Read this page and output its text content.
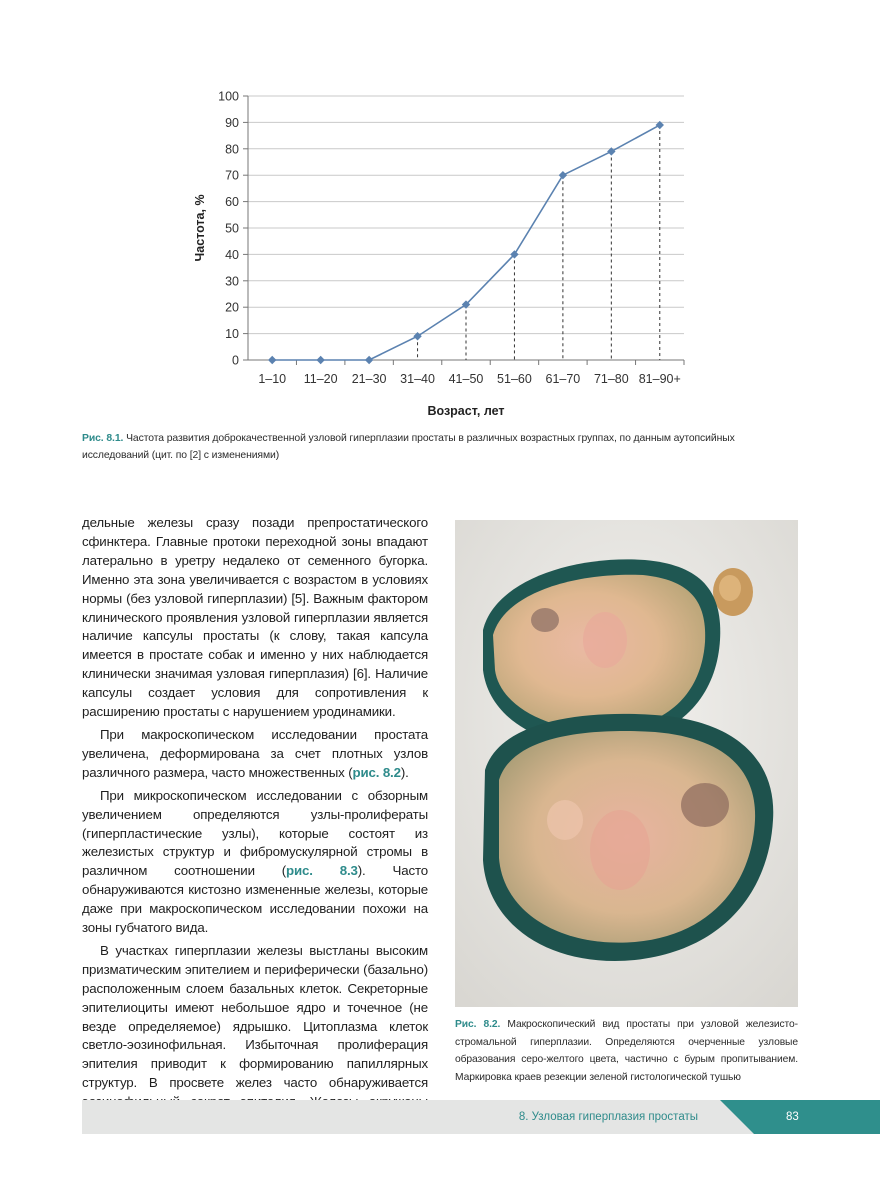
0
10
20
30
40
50
60
70
80
90
100
1–10 11–20 21–30 31–40 41–50 51–60 61–70 71–80 81–90+
Частота, %
Возраст, лет
Рис. 8.1. Частота развития доброкачественной узловой гиперплазии простаты в различных возрастных группах, по данным аутопсийных исследований (цит. по [2] с изменениями)

дельные железы сразу позади препростатического сфинктера. Главные протоки переходной зоны впадают латерально в уретру недалеко от семенного бугорка. Именно эта зона увеличивается с возрастом в условиях нормы (без узловой гиперплазии) [5]. Важным фактором клинического проявления узловой гиперплазии является наличие капсулы простаты (к слову, такая капсула имеется в простате собак и именно у них наблюдается клинически значимая узловая гиперплазия) [6]. Наличие капсулы создает условия для сопротивления к расширению простаты с нарушением уродинамики.

При макроскопическом исследовании простата увеличена, деформирована за счет плотных узлов различного размера, часто множественных (рис. 8.2).

При микроскопическом исследовании с обзорным увеличением определяются узлы-пролифераты (гиперпластические узлы), которые состоят из железистых структур и фибромускулярной стромы в различном соотношении (рис. 8.3). Часто обнаруживаются кистозно измененные железы, которые даже при макроскопическом исследовании похожи на зоны губчатого вида.

В участках гиперплазии железы выстланы высоким призматическим эпителием и периферически (базально) расположенным слоем базальных клеток. Секреторные эпителиоциты имеют небольшое ядро и точечное (не везде определяемое) ядрышко. Цитоплазма клеток светло-эозинофильная. Избыточная пролиферация эпителия приводит к формированию папиллярных структур. В просвете желез часто обнаруживается

Рис. 8.2. Макроскопический вид простаты при узловой железисто-стромальной гиперплазии. Определяются очерченные узловые образования серо-желтого цвета, частично с бурым пропитыванием. Маркировка краев резекции зеленой гистологической тушью
8. Узловая гиперплазия простаты	83
